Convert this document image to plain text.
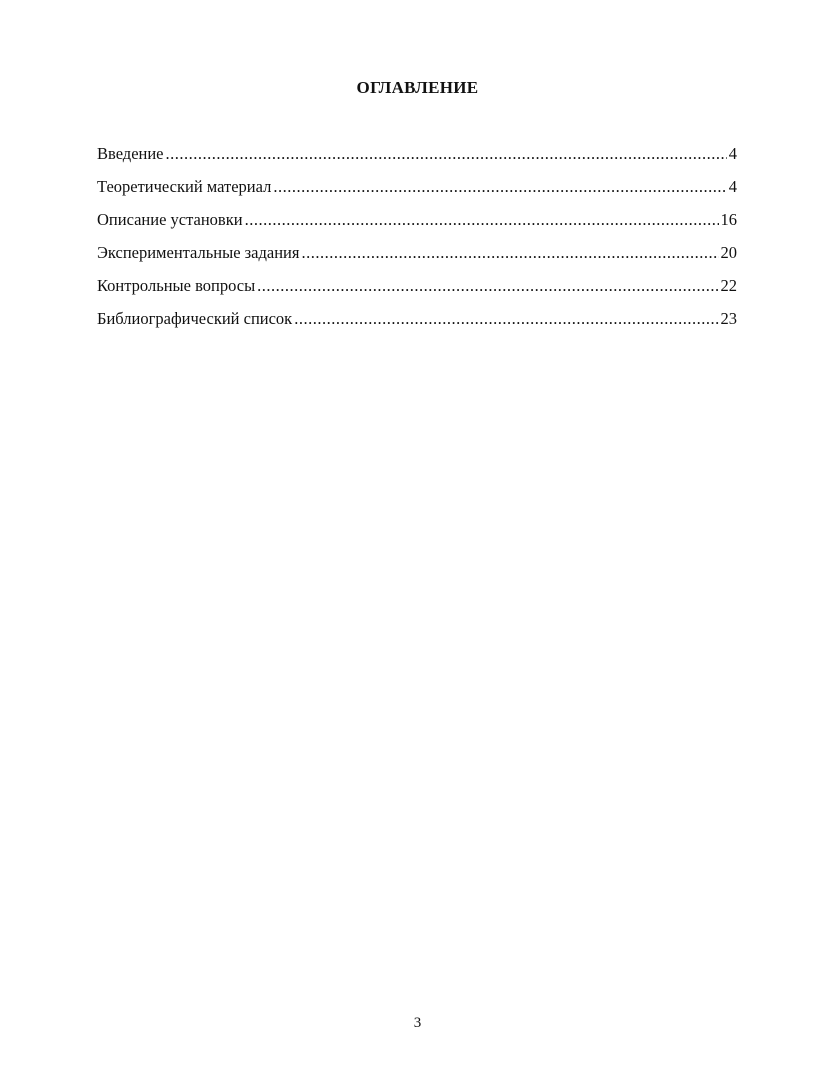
ОГЛАВЛЕНИЕ
Введение .....	4
Теоретический материал .....	4
Описание установки .....	16
Экспериментальные задания .....	20
Контрольные вопросы .....	22
Библиографический список .....	23
3
